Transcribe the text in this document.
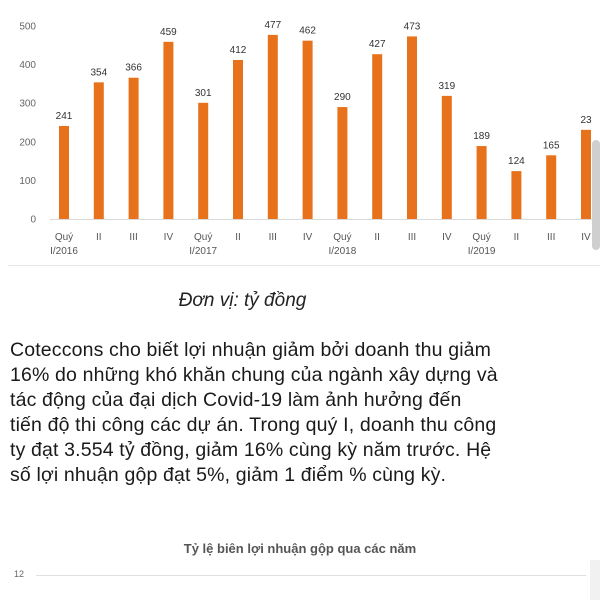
0
100
200
300
400
500
241
Quý
I/2016
354
II
366
III
459
IV
301
Quý
I/2017
412
II
477
III
462
IV
290
Quý
I/2018
427
II
473
III
319
IV
189
Quý
I/2019
124
II
165
III
23
IV
Đơn vị: tỷ đồng
Coteccons cho biết lợi nhuận giảm bởi doanh thu giảm 16% do những khó khăn chung của ngành xây dựng và tác động của đại dịch Covid-19 làm ảnh hưởng đến tiến độ thi công các dự án. Trong quý I, doanh thu công ty đạt 3.554 tỷ đồng, giảm 16% cùng kỳ năm trước. Hệ số lợi nhuận gộp đạt 5%, giảm 1 điểm % cùng kỳ.
Tỷ lệ biên lợi nhuận gộp qua các năm
12
